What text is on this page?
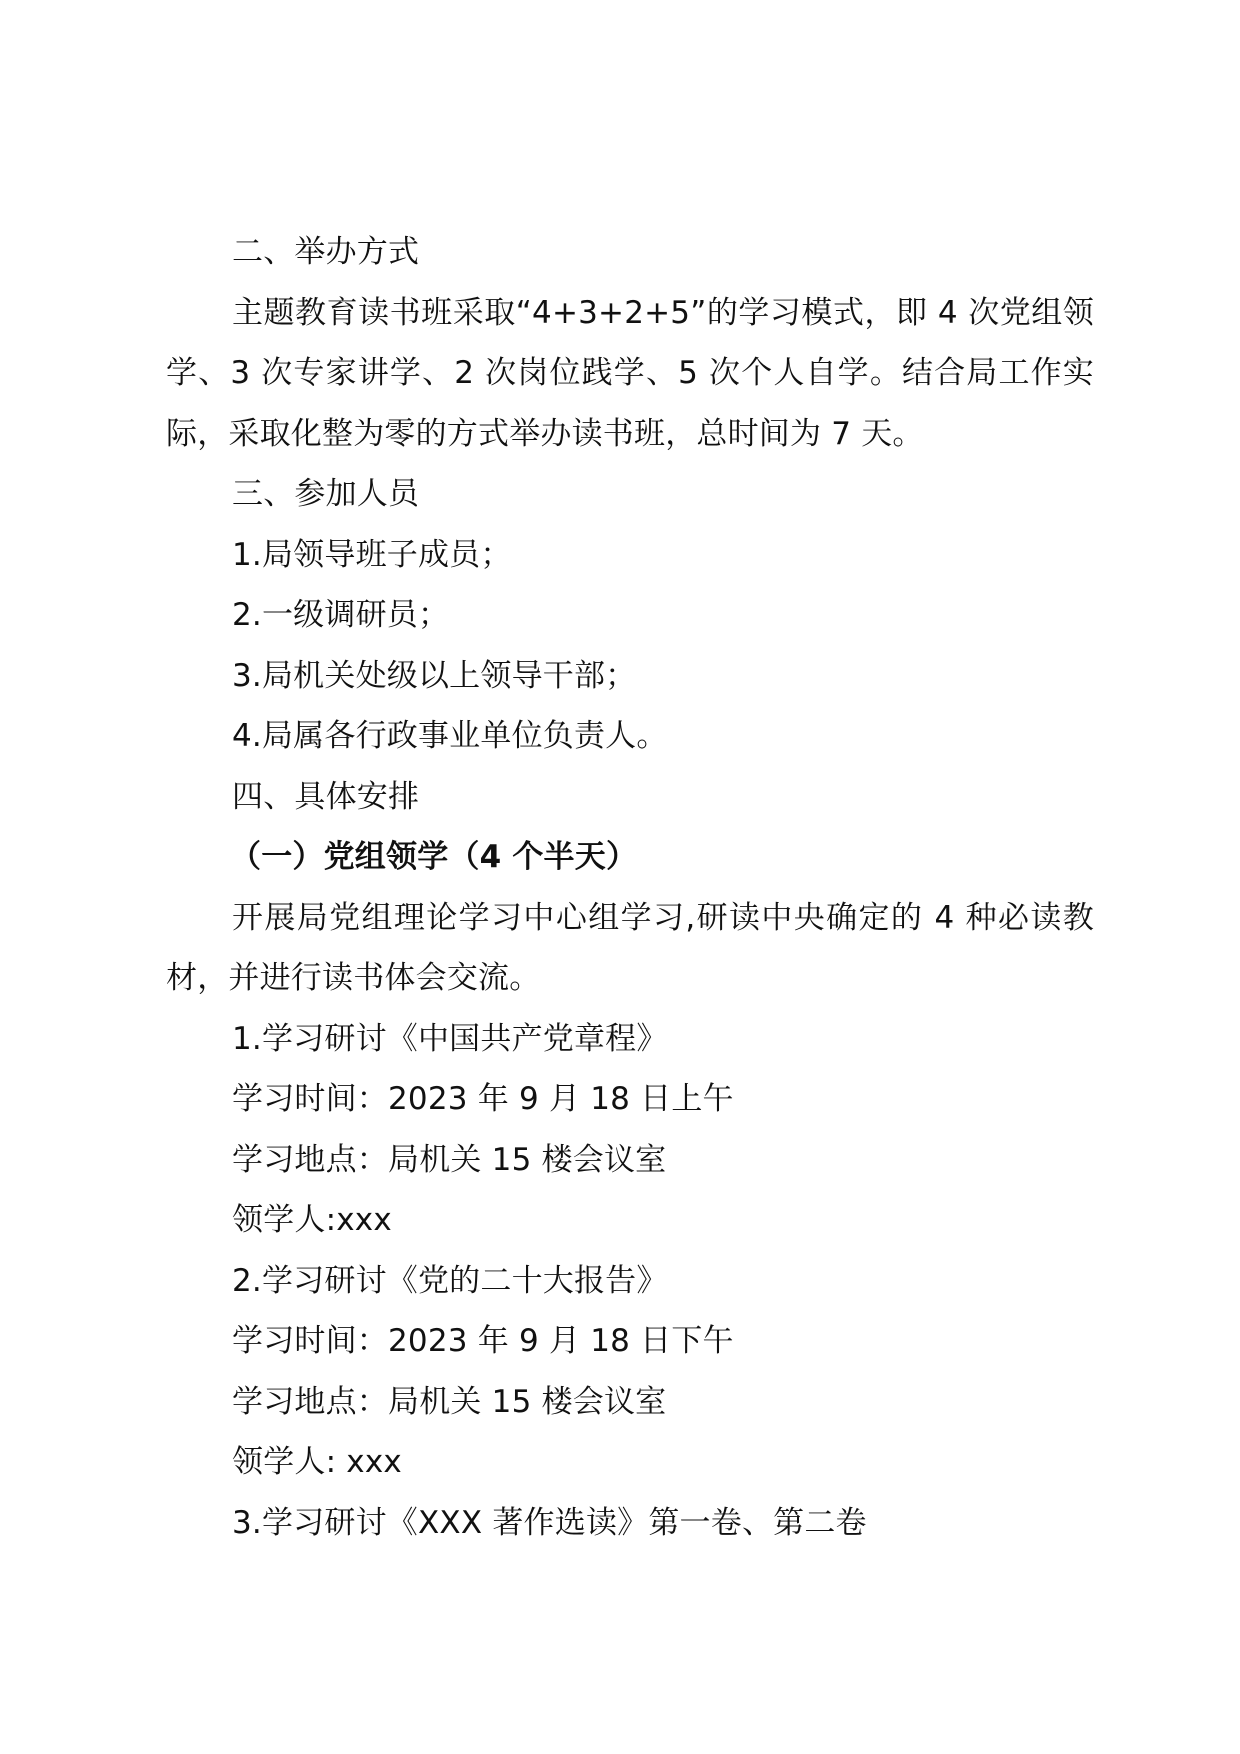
二、举办方式

主题教育读书班采取“4+3+2+5”的学习模式，即 4 次党组领学、3 次专家讲学、2 次岗位践学、5 次个人自学。结合局工作实际，采取化整为零的方式举办读书班，总时间为 7 天。

三、参加人员

1.局领导班子成员；

2.一级调研员；

3.局机关处级以上领导干部；

4.局属各行政事业单位负责人。

四、具体安排

（一）党组领学（4 个半天）

开展局党组理论学习中心组学习,研读中央确定的 4 种必读教材，并进行读书体会交流。

1.学习研讨《中国共产党章程》

学习时间：2023 年 9 月 18 日上午

学习地点：局机关 15 楼会议室

领学人:xxx

2.学习研讨《党的二十大报告》

学习时间：2023 年 9 月 18 日下午

学习地点：局机关 15 楼会议室

领学人: xxx

3.学习研讨《XXX 著作选读》第一卷、第二卷
